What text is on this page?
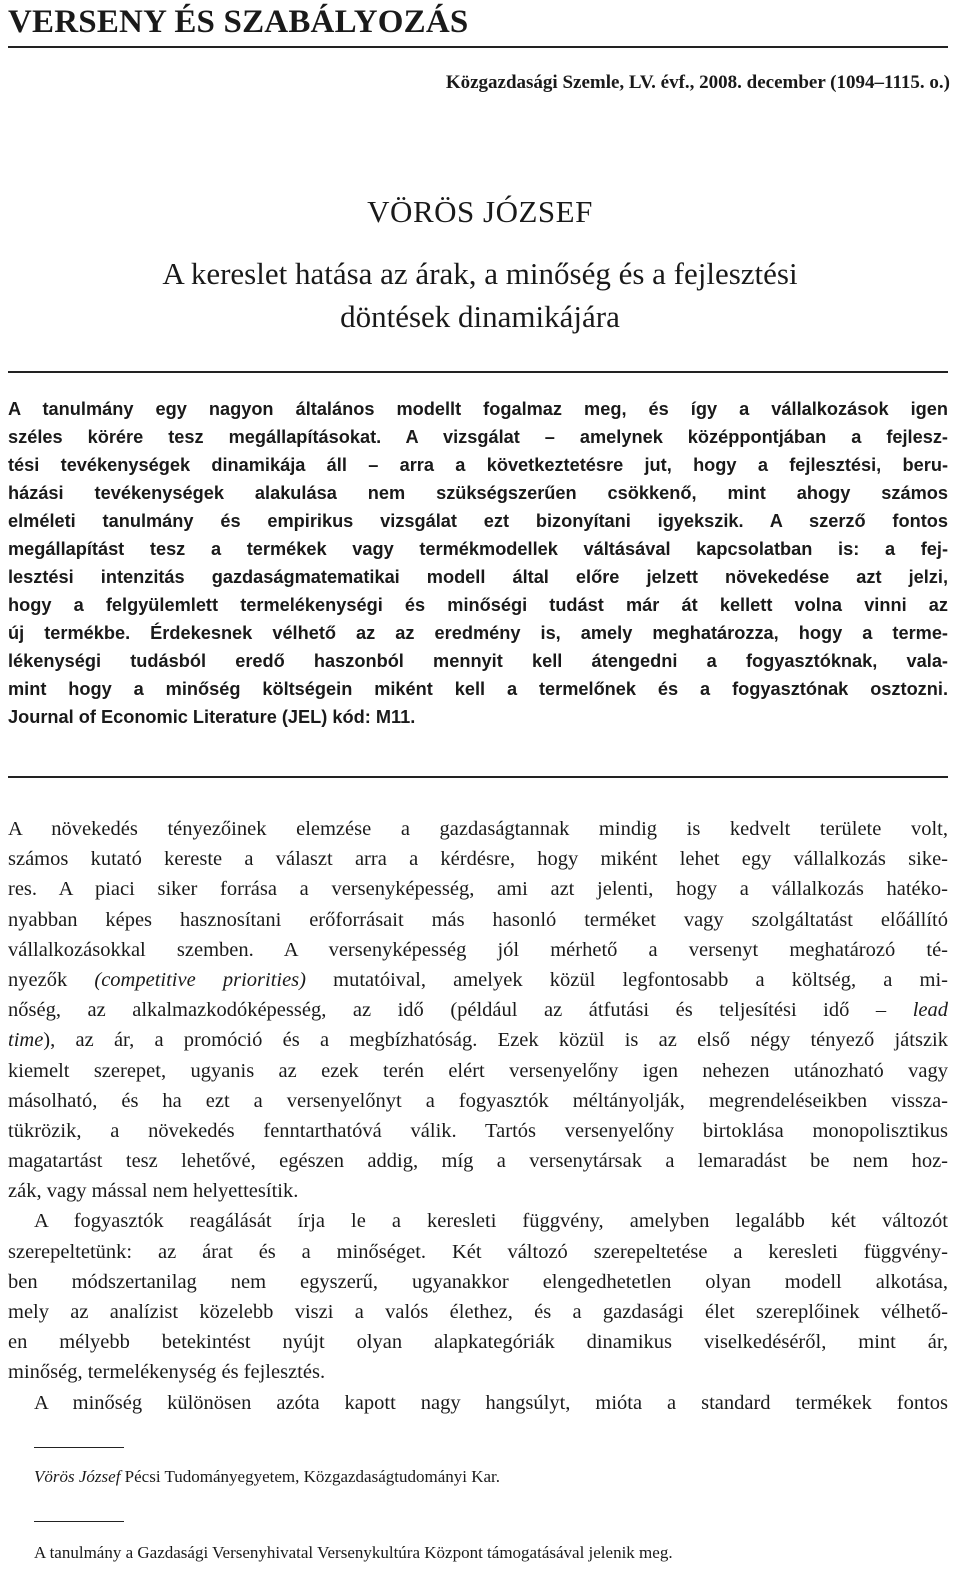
VERSENY ÉS SZABÁLYOZÁS
Közgazdasági Szemle, LV. évf., 2008. december (1094–1115. o.)
VÖRÖS JÓZSEF
A kereslet hatása az árak, a minőség és a fejlesztési
döntések dinamikájára
A tanulmány egy nagyon általános modellt fogalmaz meg, és így a vállalkozások igen
széles körére tesz megállapításokat. A vizsgálat – amelynek középpontjában a fejlesz-
tési tevékenységek dinamikája áll – arra a következtetésre jut, hogy a fejlesztési, beru-
házási tevékenységek alakulása nem szükségszerűen csökkenő, mint ahogy számos
elméleti tanulmány és empirikus vizsgálat ezt bizonyítani igyekszik. A szerző fontos
megállapítást tesz a termékek vagy termékmodellek váltásával kapcsolatban is: a fej-
lesztési intenzitás gazdaságmatematikai modell által előre jelzett növekedése azt jelzi,
hogy a felgyülemlett termelékenységi és minőségi tudást már át kellett volna vinni az
új termékbe. Érdekesnek vélhető az az eredmény is, amely meghatározza, hogy a terme-
lékenységi tudásból eredő haszonból mennyit kell átengedni a fogyasztóknak, vala-
mint hogy a minőség költségein miként kell a termelőnek és a fogyasztónak osztozni.
Journal of Economic Literature (JEL) kód: M11.
A növekedés tényezőinek elemzése a gazdaságtannak mindig is kedvelt területe volt,
számos kutató kereste a választ arra a kérdésre, hogy miként lehet egy vállalkozás sike-
res. A piaci siker forrása a versenyképesség, ami azt jelenti, hogy a vállalkozás hatéko-
nyabban képes hasznosítani erőforrásait más hasonló terméket vagy szolgáltatást előállító
vállalkozásokkal szemben. A versenyképesség jól mérhető a versenyt meghatározó té-
nyezők (competitive priorities) mutatóival, amelyek közül legfontosabb a költség, a mi-
nőség, az alkalmazkodóképesség, az idő (például az átfutási és teljesítési idő – lead
time), az ár, a promóció és a megbízhatóság. Ezek közül is az első négy tényező játszik
kiemelt szerepet, ugyanis az ezek terén elért versenyelőny igen nehezen utánozható vagy
másolható, és ha ezt a versenyelőnyt a fogyasztók méltányolják, megrendeléseikben vissza-
tükrözik, a növekedés fenntarthatóvá válik. Tartós versenyelőny birtoklása monopolisztikus
magatartást tesz lehetővé, egészen addig, míg a versenytársak a lemaradást be nem hoz-
zák, vagy mással nem helyettesítik.
A fogyasztók reagálását írja le a keresleti függvény, amelyben legalább két változót
szerepeltetünk: az árat és a minőséget. Két változó szerepeltetése a keresleti függvény-
ben módszertanilag nem egyszerű, ugyanakkor elengedhetetlen olyan modell alkotása,
mely az analízist közelebb viszi a valós élethez, és a gazdasági élet szereplőinek vélhető-
en mélyebb betekintést nyújt olyan alapkategóriák dinamikus viselkedéséről, mint ár,
minőség, termelékenység és fejlesztés.
A minőség különösen azóta kapott nagy hangsúlyt, mióta a standard termékek fontos
Vörös József Pécsi Tudományegyetem, Közgazdaságtudományi Kar.
A tanulmány a Gazdasági Versenyhivatal Versenykultúra Központ támogatásával jelenik meg.
